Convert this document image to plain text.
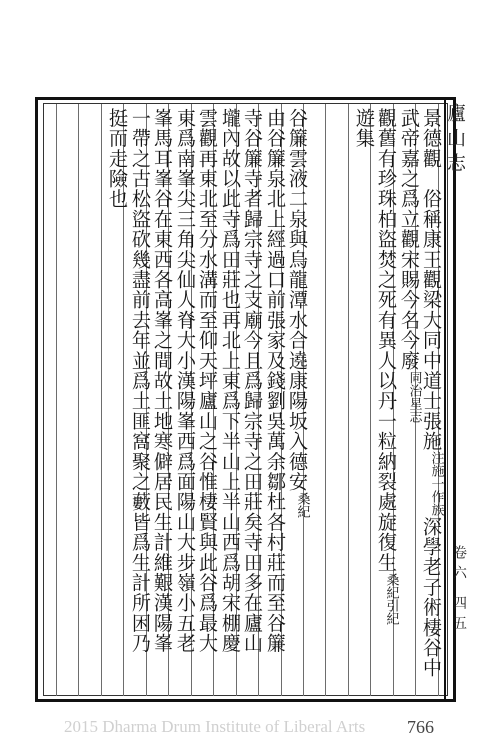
廬山志
卷六 四五
景德觀　俗稱康王觀梁大同中道士張施注施一作族深學老子術棲谷中
武帝嘉之爲立觀宋賜今名今廢同治星志
觀舊有珍珠柏盜焚之死有異人以丹一粒納裂處旋復生桑紀引紀
遊集
谷簾雲液二泉與烏龍潭水合遶康陽坂入德安桑紀
由谷簾泉北上經過口前張家及錢劉吳萬余鄒杜各村莊而至谷簾
寺谷簾寺者歸宗寺之支廟今且爲歸宗寺之田莊矣寺田多在廬山
壠內故以此寺爲田莊也再北上東爲下半山上半山西爲胡宋棚慶
雲觀再東北至分水溝而至仰天坪廬山之谷惟棲賢與此谷爲最大
東爲南峯尖三角尖仙人脊大小漢陽峯西爲面陽山大步嶺小五老
峯馬耳峯谷在東西各高峯之間故土地寒僻居民生計維艱漢陽峯
一帶之古松盜砍幾盡前去年並爲土匪窩聚之藪皆爲生計所困乃
挺而走險也
2015 Dharma Drum Institute of Liberal Arts	766
